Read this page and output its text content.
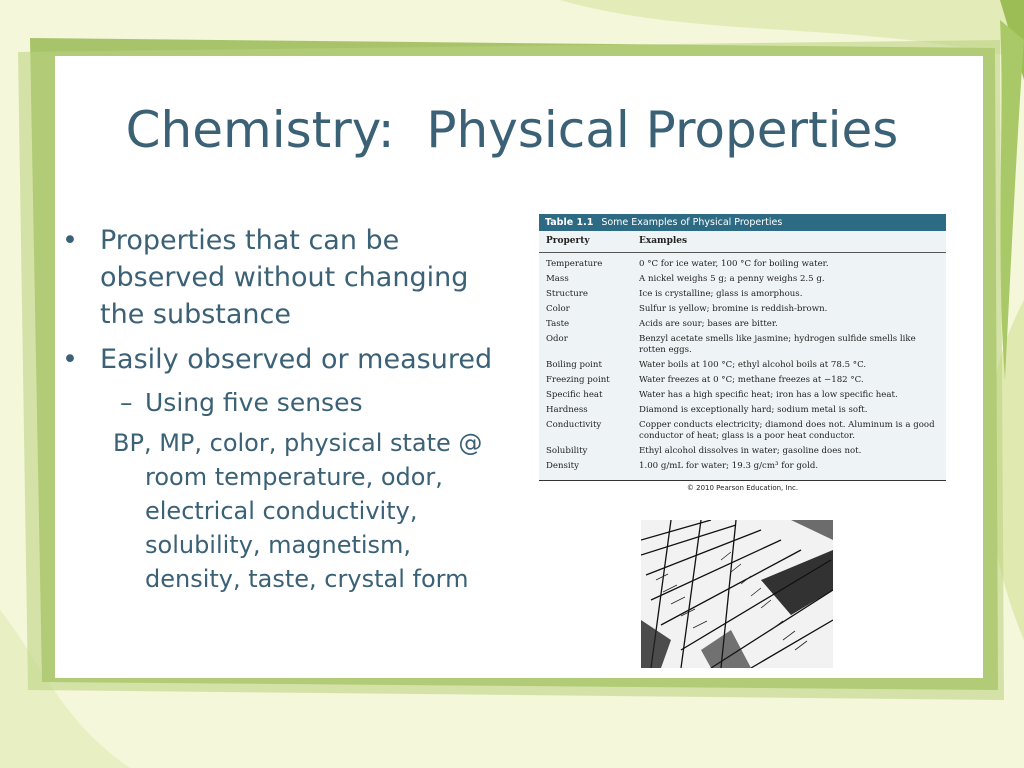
Chemistry:  Physical Properties
• Properties that can be observed without changing the substance
• Easily observed or measured
– Using five senses
BP, MP, color, physical state @ room temperature, odor, electrical conductivity, solubility, magnetism, density, taste, crystal form
Table 1.1 Some Examples of Physical Properties
Property	Examples
Temperature	0 °C for ice water, 100 °C for boiling water.
Mass	A nickel weighs 5 g; a penny weighs 2.5 g.
Structure	Ice is crystalline; glass is amorphous.
Color	Sulfur is yellow; bromine is reddish-brown.
Taste	Acids are sour; bases are bitter.
Odor	Benzyl acetate smells like jasmine; hydrogen sulfide smells like rotten eggs.
Boiling point	Water boils at 100 °C; ethyl alcohol boils at 78.5 °C.
Freezing point	Water freezes at 0 °C; methane freezes at −182 °C.
Specific heat	Water has a high specific heat; iron has a low specific heat.
Hardness	Diamond is exceptionally hard; sodium metal is soft.
Conductivity	Copper conducts electricity; diamond does not. Aluminum is a good conductor of heat; glass is a poor heat conductor.
Solubility	Ethyl alcohol dissolves in water; gasoline does not.
Density	1.00 g/mL for water; 19.3 g/cm³ for gold.
© 2010 Pearson Education, Inc.
